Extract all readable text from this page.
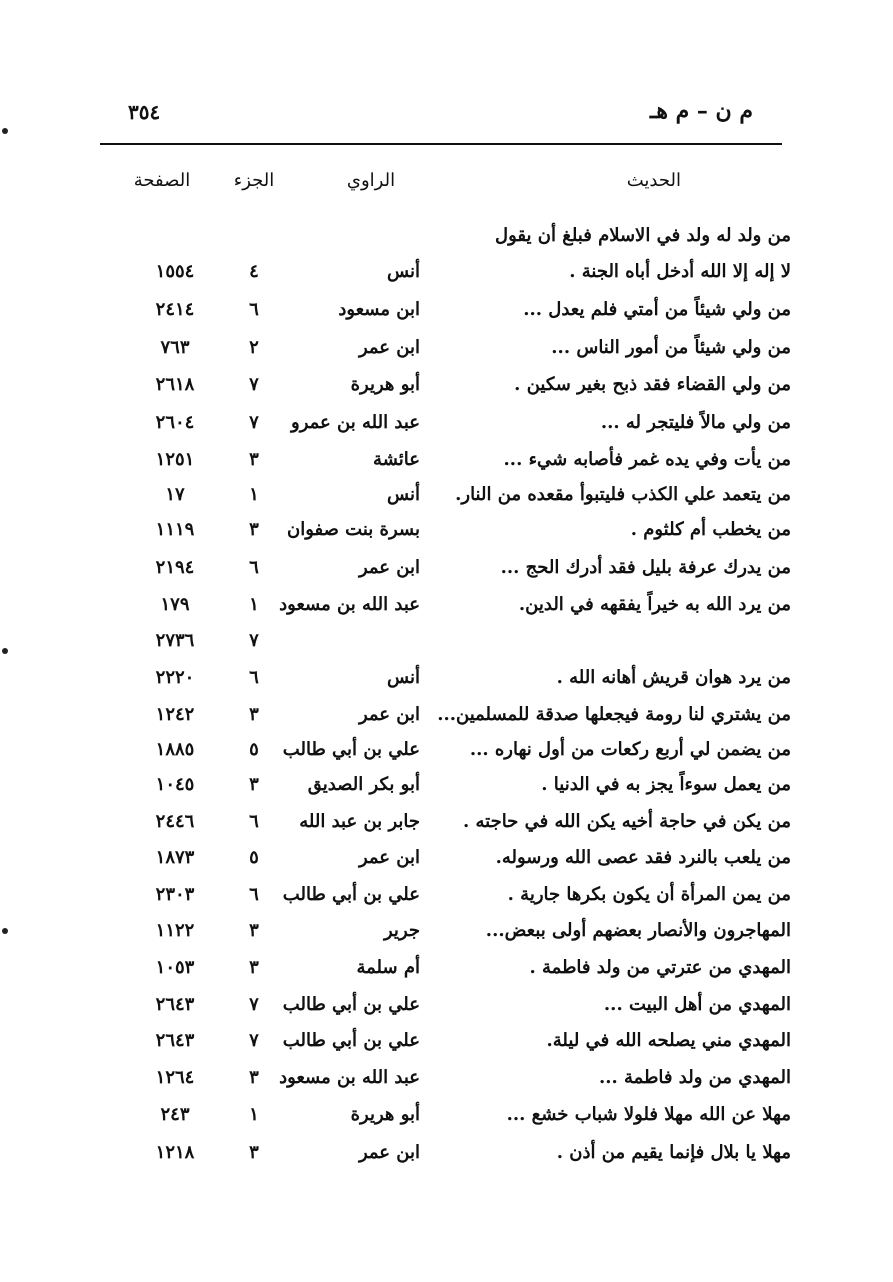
٣٥٤	م ن – م هـ
الحديث
الراوي
الجزء
الصفحة
من ولد له ولد في الاسلام فبلغ أن يقول
لا إله إلا الله أدخل أباه الجنة .
أنس
٤
١٥٥٤
من ولي شيئاً من أمتي فلم يعدل ...
ابن مسعود
٦
٢٤١٤
من ولي شيئاً من أمور الناس ...
ابن عمر
٢
٧٦٣
من ولي القضاء فقد ذبح بغير سكين .
أبو هريرة
٧
٢٦١٨
من ولي مالاً فليتجر له ...
عبد الله بن عمرو
٧
٢٦٠٤
من يأت وفي يده غمر فأصابه شيء ...
عائشة
٣
١٢٥١
من يتعمد علي الكذب فليتبوأ مقعده من النار.
أنس
١
١٧
من يخطب أم كلثوم .
بسرة بنت صفوان
٣
١١١٩
من يدرك عرفة بليل فقد أدرك الحج ...
ابن عمر
٦
٢١٩٤
من يرد الله به خيراً يفقهه في الدين.
عبد الله بن مسعود
١
١٧٩
٧
٢٧٣٦
من يرد هوان قريش أهانه الله .
أنس
٦
٢٢٢٠
من يشتري لنا رومة فيجعلها صدقة للمسلمين...
ابن عمر
٣
١٢٤٢
من يضمن لي أربع ركعات من أول نهاره ...
علي بن أبي طالب
٥
١٨٨٥
من يعمل سوءاً يجز به في الدنيا .
أبو بكر الصديق
٣
١٠٤٥
من يكن في حاجة أخيه يكن الله في حاجته .
جابر بن عبد الله
٦
٢٤٤٦
من يلعب بالنرد فقد عصى الله ورسوله.
ابن عمر
٥
١٨٧٣
من يمن المرأة أن يكون بكرها جارية .
علي بن أبي طالب
٦
٢٣٠٣
المهاجرون والأنصار بعضهم أولى ببعض...
جرير
٣
١١٢٢
المهدي من عترتي من ولد فاطمة .
أم سلمة
٣
١٠٥٣
المهدي من أهل البيت ...
علي بن أبي طالب
٧
٢٦٤٣
المهدي مني يصلحه الله في ليلة.
علي بن أبي طالب
٧
٢٦٤٣
المهدي من ولد فاطمة ...
عبد الله بن مسعود
٣
١٢٦٤
مهلا عن الله مهلا فلولا شباب خشع ...
أبو هريرة
١
٢٤٣
مهلا يا بلال فإنما يقيم من أذن .
ابن عمر
٣
١٢١٨
